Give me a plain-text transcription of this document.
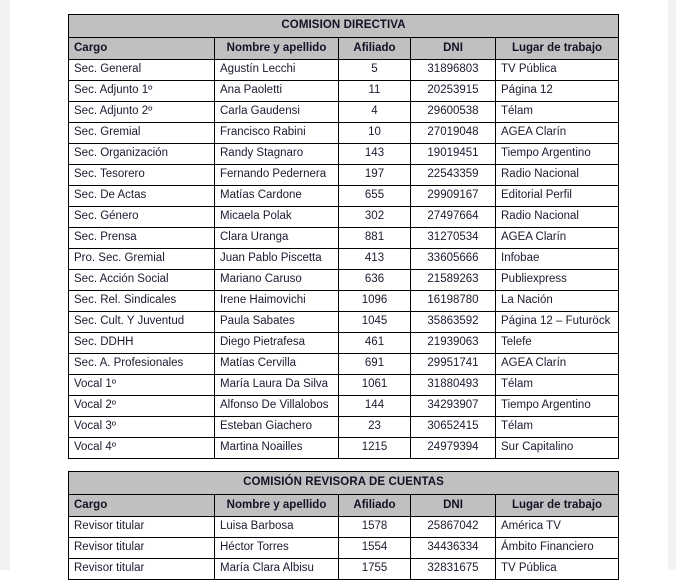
COMISION DIRECTIVA				
Cargo	Nombre y apellido	Afiliado	DNI	Lugar de trabajo
Sec. General	Agustín Lecchi	5	31896803	TV Pública
Sec. Adjunto 1º	Ana Paoletti	11	20253915	Página 12
Sec. Adjunto 2º	Carla Gaudensi	4	29600538	Télam
Sec. Gremial	Francisco Rabini	10	27019048	AGEA Clarín
Sec. Organización	Randy Stagnaro	143	19019451	Tiempo Argentino
Sec. Tesorero	Fernando Pedernera	197	22543359	Radio Nacional
Sec. De Actas	Matías Cardone	655	29909167	Editorial Perfil
Sec. Género	Micaela Polak	302	27497664	Radio Nacional
Sec. Prensa	Clara Uranga	881	31270534	AGEA Clarín
Pro. Sec. Gremial	Juan Pablo Piscetta	413	33605666	Infobae
Sec. Acción Social	Mariano Caruso	636	21589263	Publiexpress
Sec. Rel. Sindicales	Irene Haimovichi	1096	16198780	La Nación
Sec. Cult. Y Juventud	Paula Sabates	1045	35863592	Página 12 – Futuröck
Sec. DDHH	Diego Pietrafesa	461	21939063	Telefe
Sec. A. Profesionales	Matías Cervilla	691	29951741	AGEA Clarín
Vocal 1º	María Laura Da Silva	1061	31880493	Télam
Vocal 2º	Alfonso De Villalobos	144	34293907	Tiempo Argentino
Vocal 3º	Esteban Giachero	23	30652415	Télam
Vocal 4º	Martina Noailles	1215	24979394	Sur Capitalino
COMISIÓN REVISORA DE CUENTAS				
Cargo	Nombre y apellido	Afiliado	DNI	Lugar de trabajo
Revisor titular	Luisa Barbosa	1578	25867042	América TV
Revisor titular	Héctor Torres	1554	34436334	Ámbito Financiero
Revisor titular	María Clara Albisu	1755	32831675	TV Pública
